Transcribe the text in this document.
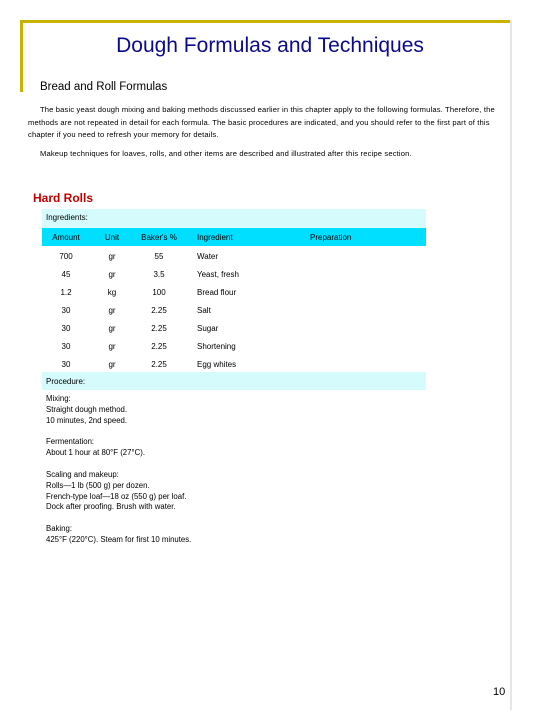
Dough Formulas and Techniques
Bread and Roll Formulas
The basic yeast dough mixing and baking methods discussed earlier in this chapter apply to the following formulas. Therefore, the methods are not repeated in detail for each formula. The basic procedures are indicated, and you should refer to the first part of this chapter if you need to refresh your memory for details.
Makeup techniques for loaves, rolls, and other items are described and illustrated after this recipe section.
Hard Rolls
Ingredients:
Amount	Unit	Baker's %	Ingredient	Preparation
700	gr	55	Water
45	gr	3.5	Yeast, fresh
1.2	kg	100	Bread flour
30	gr	2.25	Salt
30	gr	2.25	Sugar
30	gr	2.25	Shortening
30	gr	2.25	Egg whites
Procedure:
Mixing:
Straight dough method.
10 minutes, 2nd speed.
Fermentation:
About 1 hour at 80°F (27°C).
Scaling and makeup:
Rolls—1 lb (500 g) per dozen.
French-type loaf—18 oz (550 g) per loaf.
Dock after proofing. Brush with water.
Baking:
425°F (220°C). Steam for first 10 minutes.
10
